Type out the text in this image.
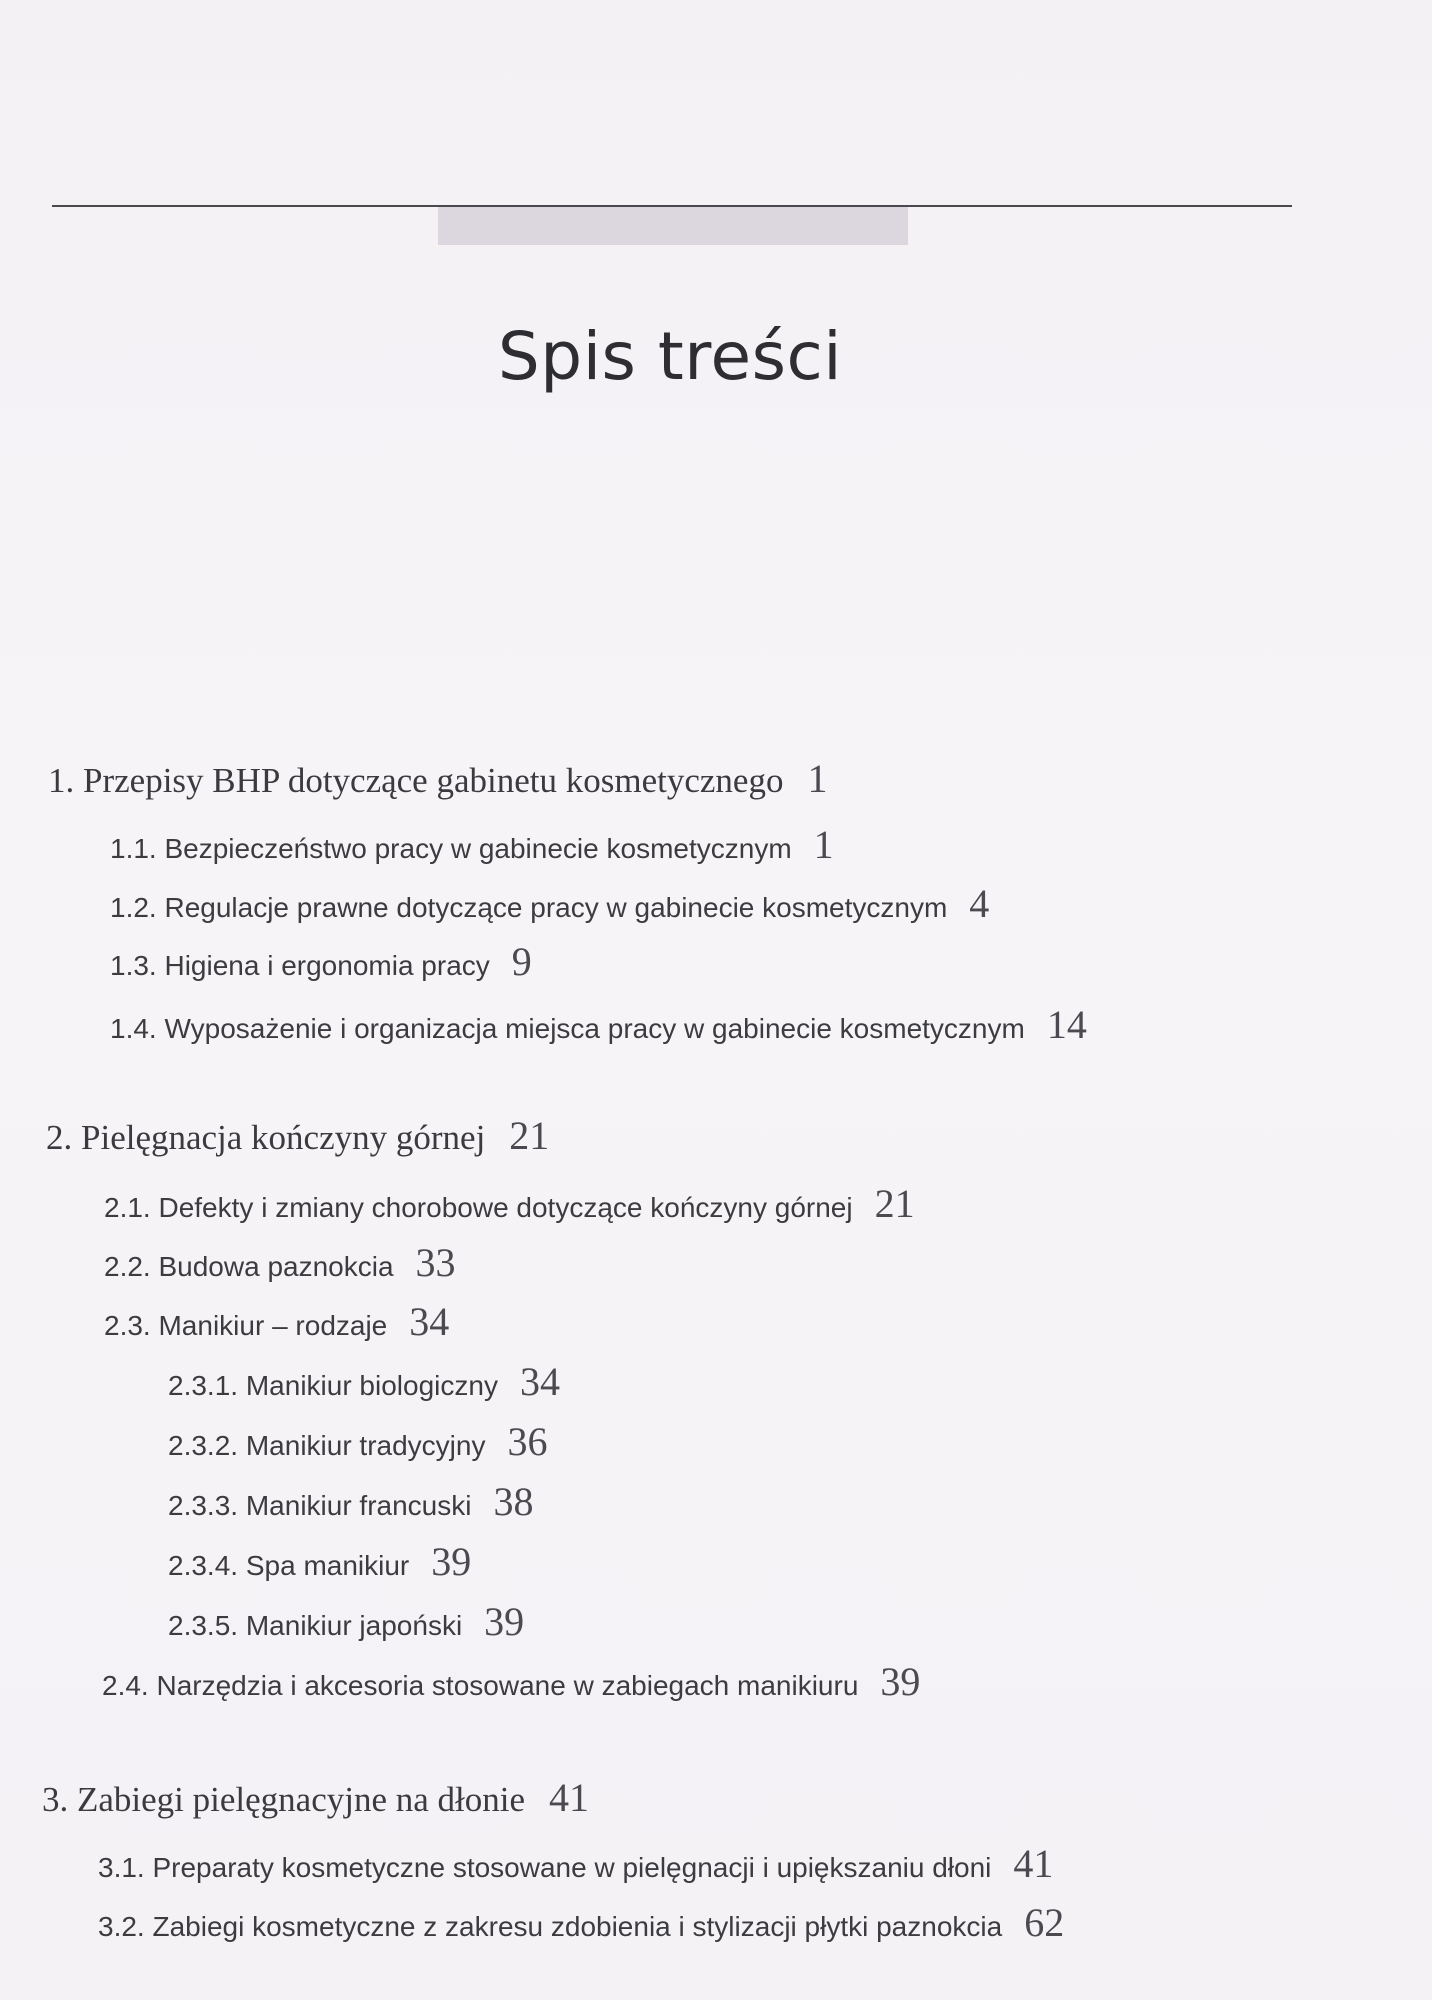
Spis treści
1. Przepisy BHP dotyczące gabinetu kosmetycznego 1
1.1. Bezpieczeństwo pracy w gabinecie kosmetycznym 1
1.2. Regulacje prawne dotyczące pracy w gabinecie kosmetycznym 4
1.3. Higiena i ergonomia pracy 9
1.4. Wyposażenie i organizacja miejsca pracy w gabinecie kosmetycznym 14
2. Pielęgnacja kończyny górnej 21
2.1. Defekty i zmiany chorobowe dotyczące kończyny górnej 21
2.2. Budowa paznokcia 33
2.3. Manikiur – rodzaje 34
2.3.1. Manikiur biologiczny 34
2.3.2. Manikiur tradycyjny 36
2.3.3. Manikiur francuski 38
2.3.4. Spa manikiur 39
2.3.5. Manikiur japoński 39
2.4. Narzędzia i akcesoria stosowane w zabiegach manikiuru 39
3. Zabiegi pielęgnacyjne na dłonie 41
3.1. Preparaty kosmetyczne stosowane w pielęgnacji i upiększaniu dłoni 41
3.2. Zabiegi kosmetyczne z zakresu zdobienia i stylizacji płytki paznokcia 62
